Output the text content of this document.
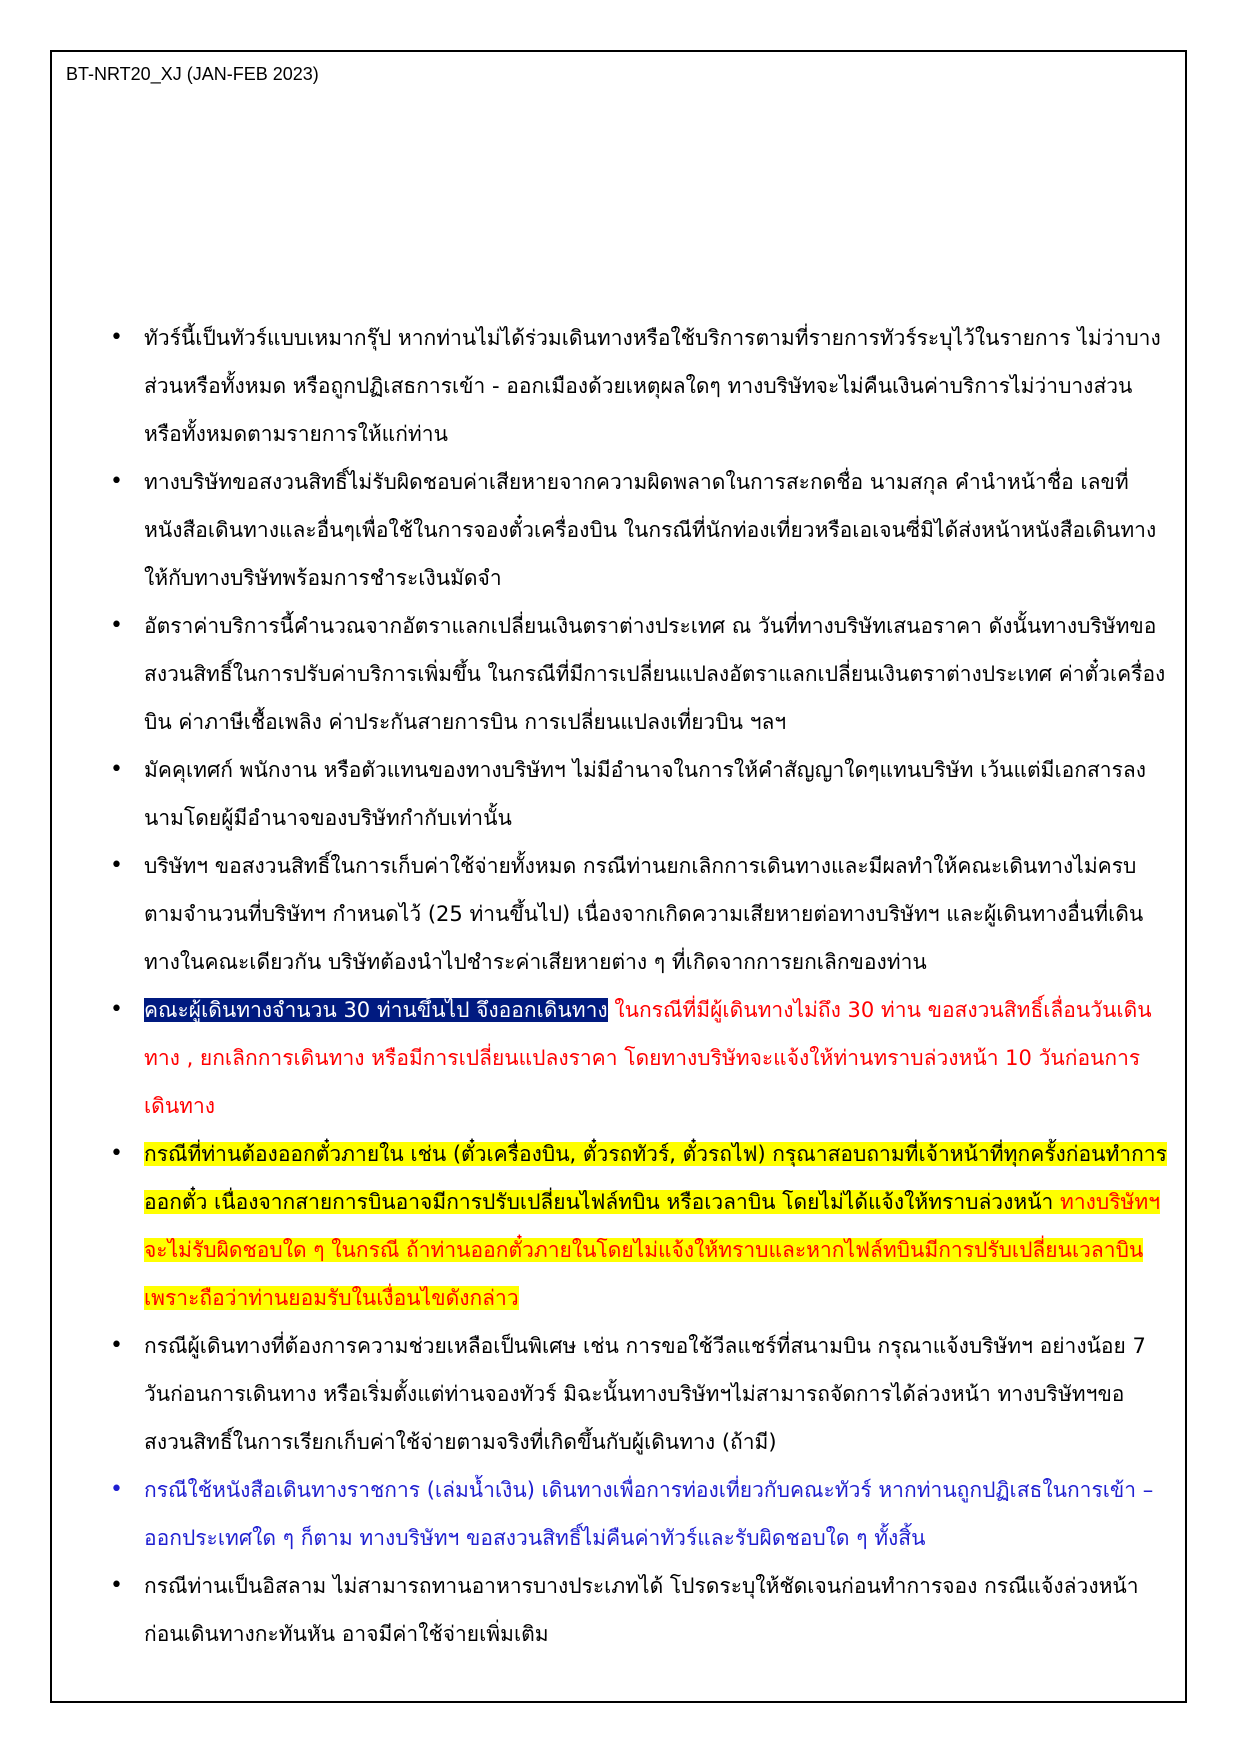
BT-NRT20_XJ (JAN-FEB 2023)
• ทัวร์นี้เป็นทัวร์แบบเหมากรุ๊ป หากท่านไม่ได้ร่วมเดินทางหรือใช้บริการตามที่รายการทัวร์ระบุไว้ในรายการ ไม่ว่าบางส่วนหรือทั้งหมด หรือถูกปฏิเสธการเข้า - ออกเมืองด้วยเหตุผลใดๆ ทางบริษัทจะไม่คืนเงินค่าบริการไม่ว่าบางส่วนหรือทั้งหมดตามรายการให้แก่ท่าน
• ทางบริษัทขอสงวนสิทธิ์ไม่รับผิดชอบค่าเสียหายจากความผิดพลาดในการสะกดชื่อ นามสกุล คำนำหน้าชื่อ เลขที่หนังสือเดินทางและอื่นๆเพื่อใช้ในการจองตั๋วเครื่องบิน ในกรณีที่นักท่องเที่ยวหรือเอเจนซี่มิได้ส่งหน้าหนังสือเดินทางให้กับทางบริษัทพร้อมการชำระเงินมัดจำ
• อัตราค่าบริการนี้คำนวณจากอัตราแลกเปลี่ยนเงินตราต่างประเทศ ณ วันที่ทางบริษัทเสนอราคา ดังนั้นทางบริษัทขอสงวนสิทธิ์ในการปรับค่าบริการเพิ่มขึ้น ในกรณีที่มีการเปลี่ยนแปลงอัตราแลกเปลี่ยนเงินตราต่างประเทศ ค่าตั๋วเครื่องบิน ค่าภาษีเชื้อเพลิง ค่าประกันสายการบิน การเปลี่ยนแปลงเที่ยวบิน ฯลฯ
• มัคคุเทศก์ พนักงาน หรือตัวแทนของทางบริษัทฯ ไม่มีอำนาจในการให้คำสัญญาใดๆแทนบริษัท เว้นแต่มีเอกสารลงนามโดยผู้มีอำนาจของบริษัทกำกับเท่านั้น
• บริษัทฯ ขอสงวนสิทธิ์ในการเก็บค่าใช้จ่ายทั้งหมด กรณีท่านยกเลิกการเดินทางและมีผลทำให้คณะเดินทางไม่ครบตามจำนวนที่บริษัทฯ กำหนดไว้ (25 ท่านขึ้นไป) เนื่องจากเกิดความเสียหายต่อทางบริษัทฯ และผู้เดินทางอื่นที่เดินทางในคณะเดียวกัน บริษัทต้องนำไปชำระค่าเสียหายต่าง ๆ ที่เกิดจากการยกเลิกของท่าน
• คณะผู้เดินทางจำนวน 30 ท่านขึ้นไป จึงออกเดินทาง ในกรณีที่มีผู้เดินทางไม่ถึง 30 ท่าน ขอสงวนสิทธิ์เลื่อนวันเดินทาง , ยกเลิกการเดินทาง หรือมีการเปลี่ยนแปลงราคา โดยทางบริษัทจะแจ้งให้ท่านทราบล่วงหน้า 10 วันก่อนการเดินทาง
• กรณีที่ท่านต้องออกตั๋วภายใน เช่น (ตั๋วเครื่องบิน, ตั๋วรถทัวร์, ตั๋วรถไฟ) กรุณาสอบถามที่เจ้าหน้าที่ทุกครั้งก่อนทำการออกตั๋ว เนื่องจากสายการบินอาจมีการปรับเปลี่ยนไฟล์ทบิน หรือเวลาบิน โดยไม่ได้แจ้งให้ทราบล่วงหน้า ทางบริษัทฯ จะไม่รับผิดชอบใด ๆ ในกรณี ถ้าท่านออกตั๋วภายในโดยไม่แจ้งให้ทราบและหากไฟล์ทบินมีการปรับเปลี่ยนเวลาบินเพราะถือว่าท่านยอมรับในเงื่อนไขดังกล่าว
• กรณีผู้เดินทางที่ต้องการความช่วยเหลือเป็นพิเศษ เช่น การขอใช้วีลแชร์ที่สนามบิน กรุณาแจ้งบริษัทฯ อย่างน้อย 7 วันก่อนการเดินทาง หรือเริ่มตั้งแต่ท่านจองทัวร์ มิฉะนั้นทางบริษัทฯไม่สามารถจัดการได้ล่วงหน้า ทางบริษัทฯขอสงวนสิทธิ์ในการเรียกเก็บค่าใช้จ่ายตามจริงที่เกิดขึ้นกับผู้เดินทาง (ถ้ามี)
• กรณีใช้หนังสือเดินทางราชการ (เล่มน้ำเงิน) เดินทางเพื่อการท่องเที่ยวกับคณะทัวร์ หากท่านถูกปฏิเสธในการเข้า – ออกประเทศใด ๆ ก็ตาม ทางบริษัทฯ ขอสงวนสิทธิ์ไม่คืนค่าทัวร์และรับผิดชอบใด ๆ ทั้งสิ้น
• กรณีท่านเป็นอิสลาม ไม่สามารถทานอาหารบางประเภทได้ โปรดระบุให้ชัดเจนก่อนทำการจอง กรณีแจ้งล่วงหน้าก่อนเดินทางกะทันหัน อาจมีค่าใช้จ่ายเพิ่มเติม
